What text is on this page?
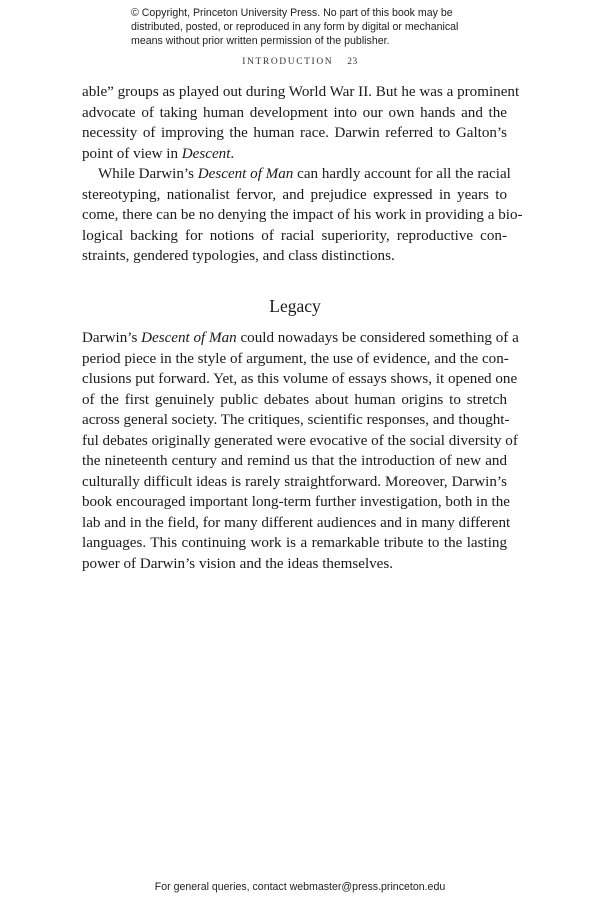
© Copyright, Princeton University Press. No part of this book may be
distributed, posted, or reproduced in any form by digital or mechanical
means without prior written permission of the publisher.
INTRODUCTION 23
able” groups as played out during World War II. But he was a prominent
advocate of taking human development into our own hands and the
necessity of improving the human race. Darwin referred to Galton’s
point of view in Descent.
While Darwin’s Descent of Man can hardly account for all the racial
stereotyping, nationalist fervor, and prejudice expressed in years to
come, there can be no denying the impact of his work in providing a bio-
logical backing for notions of racial superiority, reproductive con-
straints, gendered typologies, and class distinctions.
Legacy
Darwin’s Descent of Man could nowadays be considered something of a
period piece in the style of argument, the use of evidence, and the con-
clusions put forward. Yet, as this volume of essays shows, it opened one
of the first genuinely public debates about human origins to stretch
across general society. The critiques, scientific responses, and thought-
ful debates originally generated were evocative of the social diversity of
the nineteenth century and remind us that the introduction of new and
culturally difficult ideas is rarely straightforward. Moreover, Darwin’s
book encouraged important long-term further investigation, both in the
lab and in the field, for many different audiences and in many different
languages. This continuing work is a remarkable tribute to the lasting
power of Darwin’s vision and the ideas themselves.
For general queries, contact webmaster@press.princeton.edu
